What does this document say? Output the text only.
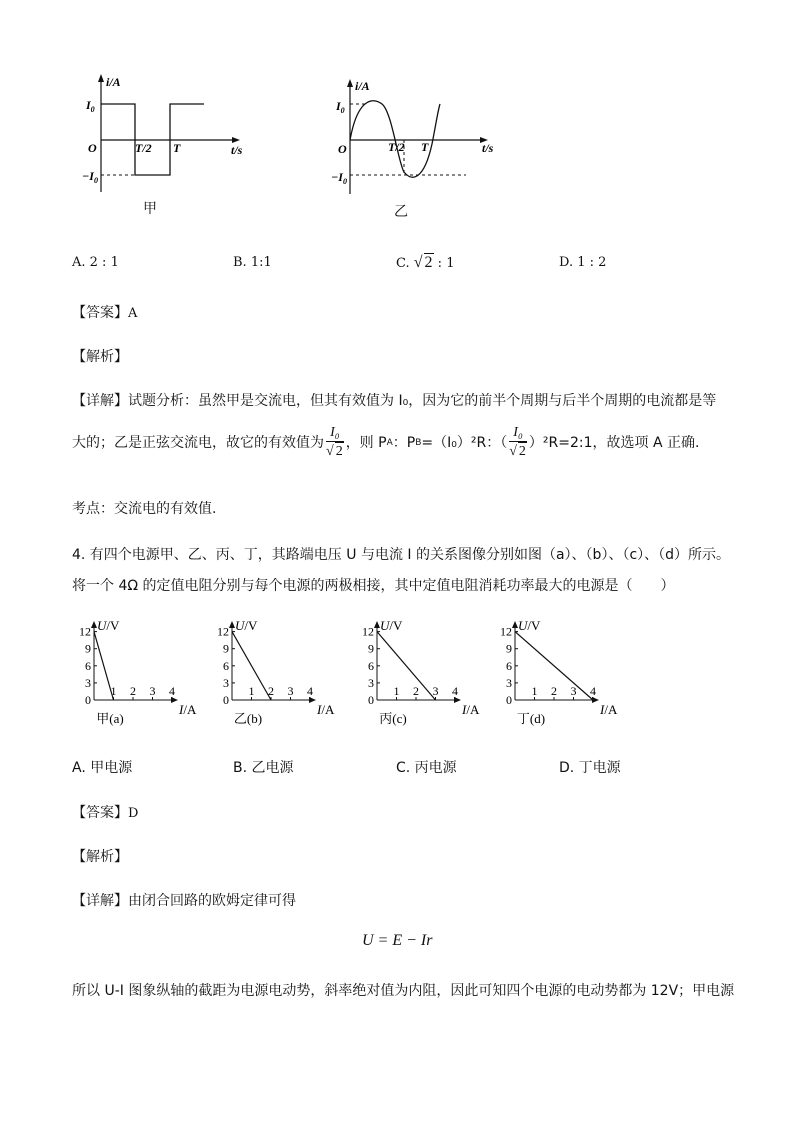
i/A
$I_0$
$-I_0$
O	T/2 T	t/s
甲
i/A
$I_0$
$-I_0$
O	T/2 T	t/s
乙
A. 2 : 1	B. 1:1	C. √ 2 : 1	D. 1 : 2
【答案】A
【解析】
【详解】试题分析：虽然甲是交流电，但其有效值为 I₀，因为它的前半个周期与后半个周期的电流都是等
大的；乙是正弦交流电，故它的有效值为 $\frac{\text{I₀}}{√ 2}$ ，则 P A ：P B =（I₀）²R：（ $\frac{\text{I₀}}{√ 2}$ ）²R=2:1，故选项 A 正确.
考点：交流电的有效值.
4. 有四个电源甲、乙、丙、丁，其路端电压 U 与电流 I 的关系图像分别如图（a）、（b）、（c）、（d）所示。
将一个 4Ω 的定值电阻分别与每个电源的两极相接，其中定值电阻消耗功率最大的电源是（　　）
12
9
6
3
0
1 2 3 4
U/V
I/A
甲(a)
12
9
6
3
0
1 2 3 4
U/V
I/A
乙(b)
12
9
6
3
0
1 2 3 4
U/V
I/A
丙(c)
12
9
6
3
0
1 2 3 4
U/V
I/A
丁(d)
A. 甲电源	B. 乙电源	C. 丙电源	D. 丁电源
【答案】D
【解析】
【详解】由闭合回路的欧姆定律可得
U = E − Ir
所以 U-I 图象纵轴的截距为电源电动势，斜率绝对值为内阻，因此可知四个电源的电动势都为 12V；甲电源
